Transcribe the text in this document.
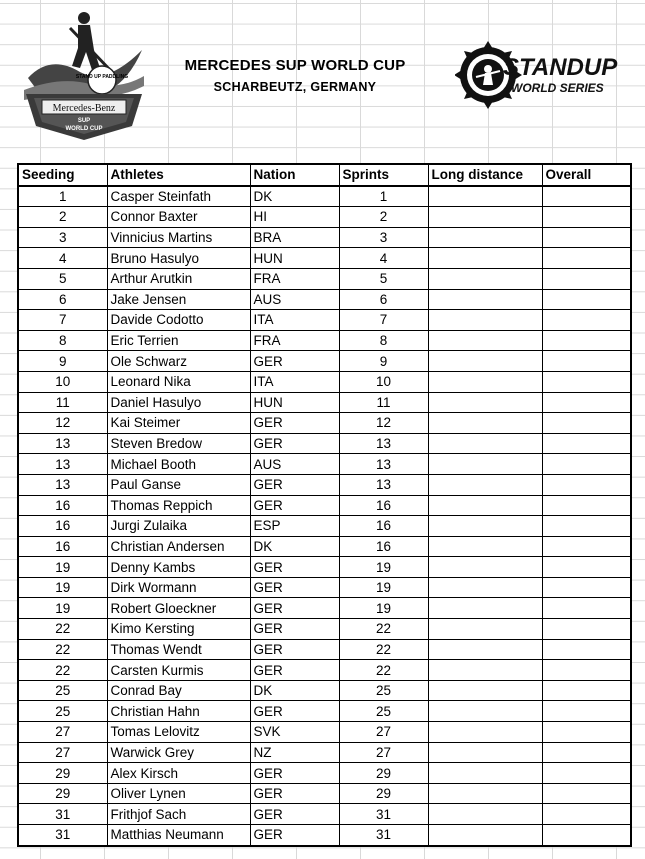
STAND UP PADDLING
Mercedes-Benz
SUP
WORLD CUP
MERCEDES SUP WORLD CUP
SCHARBEUTZ, GERMANY
STANDUP
WORLD SERIES
Seeding	Athletes	Nation	Sprints	Long distance	Overall
1	Casper Steinfath	DK	1		
2	Connor Baxter	HI	2		
3	Vinnicius Martins	BRA	3		
4	Bruno Hasulyo	HUN	4		
5	Arthur Arutkin	FRA	5		
6	Jake Jensen	AUS	6		
7	Davide Codotto	ITA	7		
8	Eric Terrien	FRA	8		
9	Ole Schwarz	GER	9		
10	Leonard Nika	ITA	10		
11	Daniel Hasulyo	HUN	11		
12	Kai Steimer	GER	12		
13	Steven Bredow	GER	13		
13	Michael Booth	AUS	13		
13	Paul Ganse	GER	13		
16	Thomas Reppich	GER	16		
16	Jurgi Zulaika	ESP	16		
16	Christian Andersen	DK	16		
19	Denny Kambs	GER	19		
19	Dirk Wormann	GER	19		
19	Robert Gloeckner	GER	19		
22	Kimo Kersting	GER	22		
22	Thomas Wendt	GER	22		
22	Carsten Kurmis	GER	22		
25	Conrad Bay	DK	25		
25	Christian Hahn	GER	25		
27	Tomas Lelovitz	SVK	27		
27	Warwick Grey	NZ	27		
29	Alex Kirsch	GER	29		
29	Oliver Lynen	GER	29		
31	Frithjof Sach	GER	31		
31	Matthias Neumann	GER	31		
